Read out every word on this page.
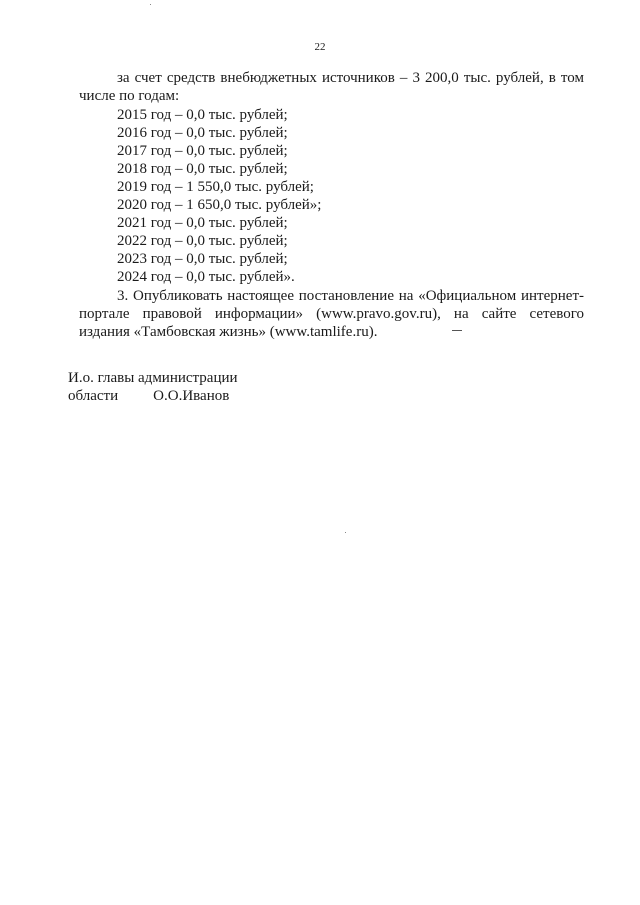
22
за счет средств внебюджетных источников – 3 200,0 тыс. рублей, в том
числе по годам:
2015 год – 0,0 тыс. рублей;
2016 год – 0,0 тыс. рублей;
2017 год – 0,0 тыс. рублей;
2018 год – 0,0 тыс. рублей;
2019 год – 1 550,0 тыс. рублей;
2020 год – 1 650,0 тыс. рублей»;
2021 год – 0,0 тыс. рублей;
2022 год – 0,0 тыс. рублей;
2023 год – 0,0 тыс. рублей;
2024 год – 0,0 тыс. рублей».
3. Опубликовать настоящее постановление на «Официальном интернет-
портале правовой информации» (www.pravo.gov.ru), на сайте сетевого
издания «Тамбовская жизнь» (www.tamlife.ru).
И.о. главы администрации
области О.О.Иванов
